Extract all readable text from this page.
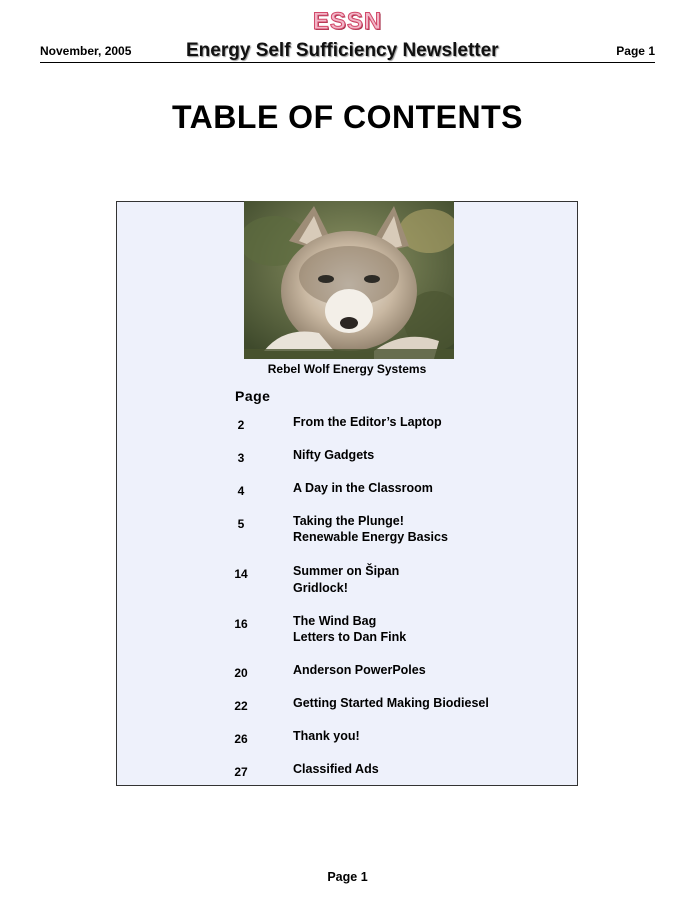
ESSN
November, 2005	Energy Self Sufficiency Newsletter	Page 1
TABLE OF CONTENTS
Rebel Wolf Energy Systems
Page
2	From the Editor’s Laptop
3	Nifty Gadgets
4	A Day in the Classroom
5	Taking the Plunge!
Renewable Energy Basics
14	Summer on Šipan
Gridlock!
16	The Wind Bag
Letters to Dan Fink
20	Anderson PowerPoles
22	Getting Started Making Biodiesel
26	Thank you!
27	Classified Ads
Page 1
